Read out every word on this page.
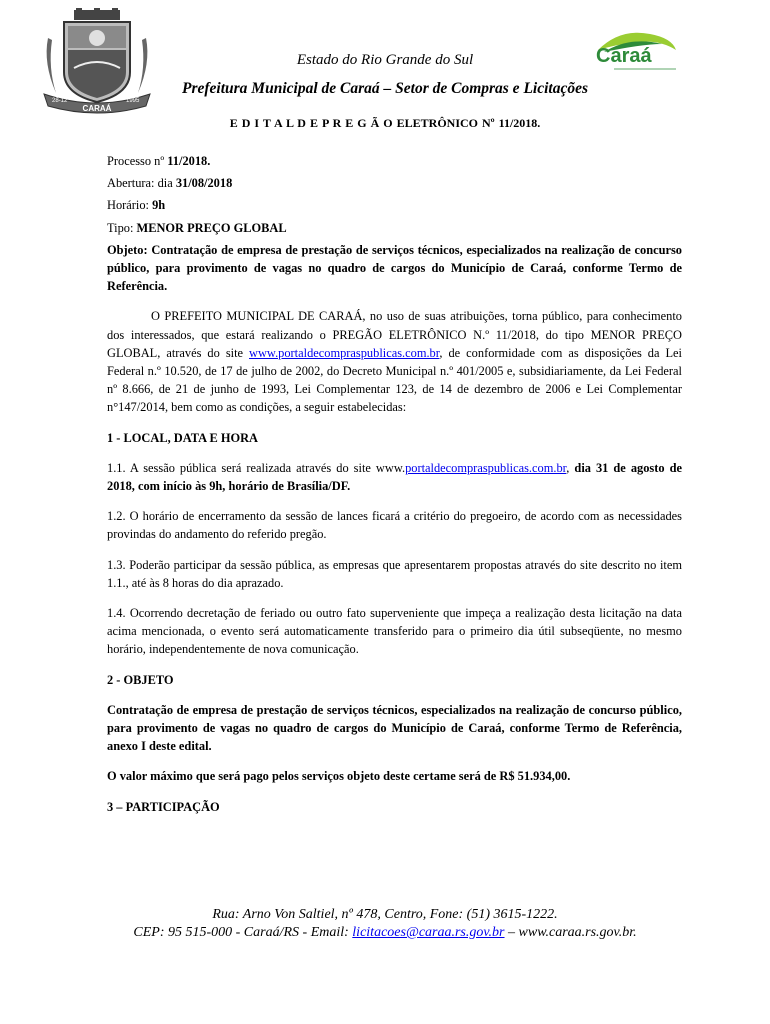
28-12
CARAÁ
1995
Caraá
Estado do Rio Grande do Sul
Prefeitura Municipal de Caraá – Setor de Compras e Licitações
E D I T A L D E P R E G Ã O ELETRÔNICO Nº 11/2018.

Processo nº 11/2018.

Abertura: dia 31/08/2018

Horário: 9h

Tipo: MENOR PREÇO GLOBAL

Objeto: Contratação de empresa de prestação de serviços técnicos, especializados na realização de concurso público, para provimento de vagas no quadro de cargos do Município de Caraá, conforme Termo de Referência.

O PREFEITO MUNICIPAL DE CARAÁ, no uso de suas atribuições, torna público, para conhecimento dos interessados, que estará realizando o PREGÃO ELETRÔNICO N.º 11/2018, do tipo MENOR PREÇO GLOBAL, através do site www.portaldecompraspublicas.com.br, de conformidade com as disposições da Lei Federal n.º 10.520, de 17 de julho de 2002, do Decreto Municipal n.º 401/2005 e, subsidiariamente, da Lei Federal nº 8.666, de 21 de junho de 1993, Lei Complementar 123, de 14 de dezembro de 2006 e Lei Complementar n°147/2014, bem como as condições, a seguir estabelecidas:

1 - LOCAL, DATA E HORA

1.1. A sessão pública será realizada através do site www.portaldecompraspublicas.com.br, dia 31 de agosto de 2018, com início às 9h, horário de Brasília/DF.

1.2. O horário de encerramento da sessão de lances ficará a critério do pregoeiro, de acordo com as necessidades provindas do andamento do referido pregão.

1.3. Poderão participar da sessão pública, as empresas que apresentarem propostas através do site descrito no item 1.1., até às 8 horas do dia aprazado.

1.4. Ocorrendo decretação de feriado ou outro fato superveniente que impeça a realização desta licitação na data acima mencionada, o evento será automaticamente transferido para o primeiro dia útil subseqüente, no mesmo horário, independentemente de nova comunicação.

2 - OBJETO

Contratação de empresa de prestação de serviços técnicos, especializados na realização de concurso público, para provimento de vagas no quadro de cargos do Município de Caraá, conforme Termo de Referência, anexo I deste edital.

O valor máximo que será pago pelos serviços objeto deste certame será de R$ 51.934,00.

3 – PARTICIPAÇÃO

Rua: Arno Von Saltiel, nº 478, Centro, Fone: (51) 3615-1222.
CEP: 95 515-000 - Caraá/RS - Email: licitacoes@caraa.rs.gov.br – www.caraa.rs.gov.br.
